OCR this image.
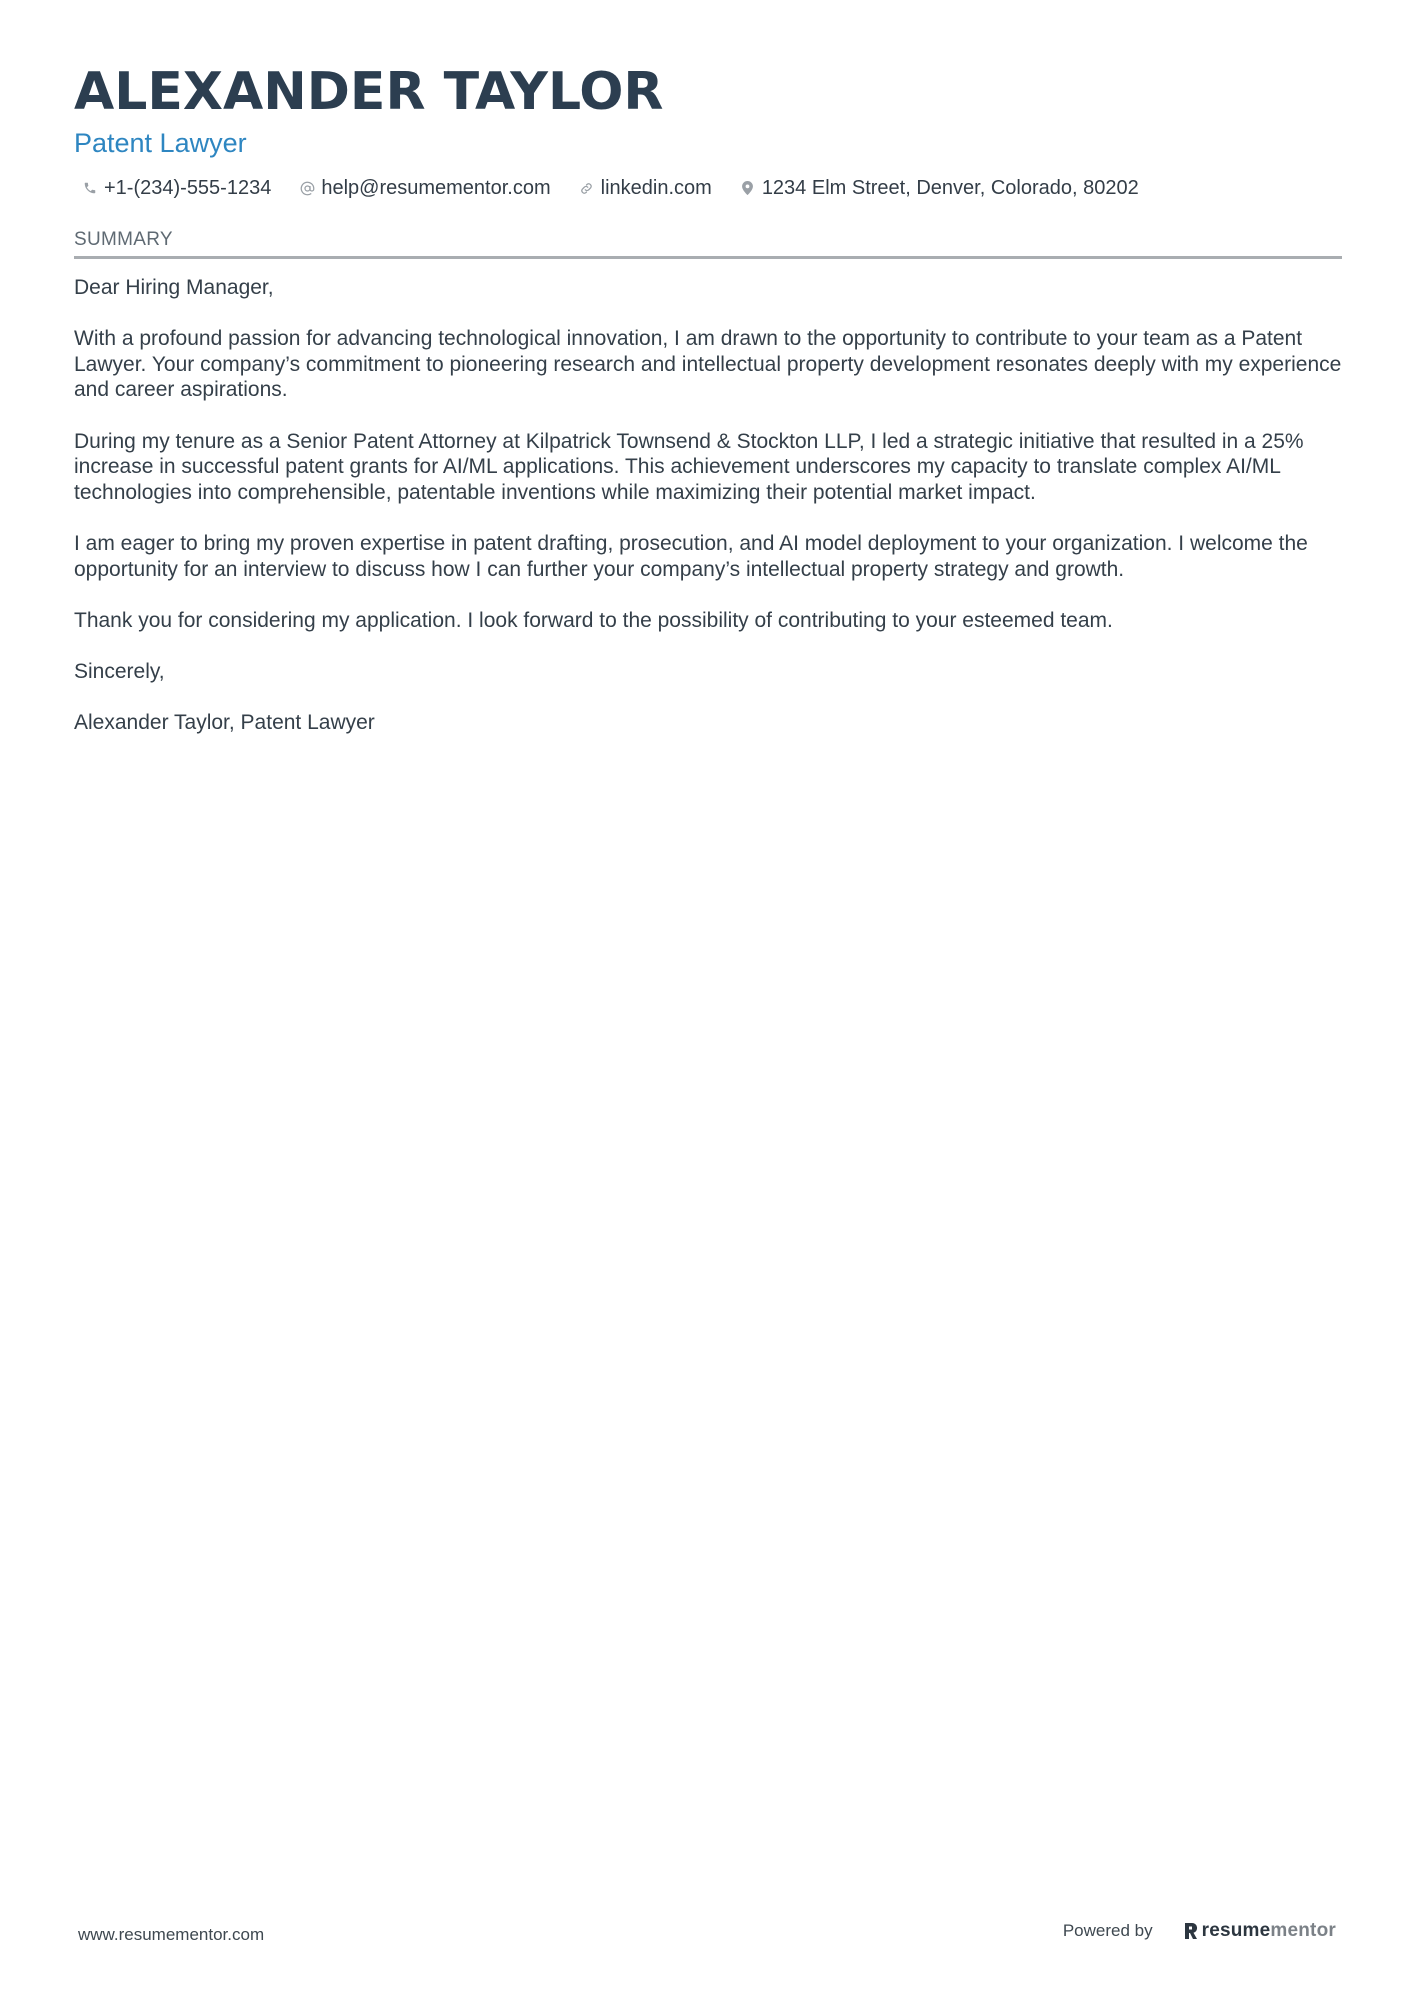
ALEXANDER TAYLOR
Patent Lawyer
+1-(234)-555-1234	help@resumementor.com	linkedin.com	1234 Elm Street, Denver, Colorado, 80202
SUMMARY

Dear Hiring Manager,

With a profound passion for advancing technological innovation, I am drawn to the opportunity to contribute to your team as a Patent Lawyer. Your company’s commitment to pioneering research and intellectual property development resonates deeply with my experience and career aspirations.

During my tenure as a Senior Patent Attorney at Kilpatrick Townsend & Stockton LLP, I led a strategic initiative that resulted in a 25% increase in successful patent grants for AI/ML applications. This achievement underscores my capacity to translate complex AI/ML technologies into comprehensible, patentable inventions while maximizing their potential market impact.

I am eager to bring my proven expertise in patent drafting, prosecution, and AI model deployment to your organization. I welcome the opportunity for an interview to discuss how I can further your company’s intellectual property strategy and growth.

Thank you for considering my application. I look forward to the possibility of contributing to your esteemed team.

Sincerely,

Alexander Taylor, Patent Lawyer

www.resumementor.com	Powered by	resume mentor
